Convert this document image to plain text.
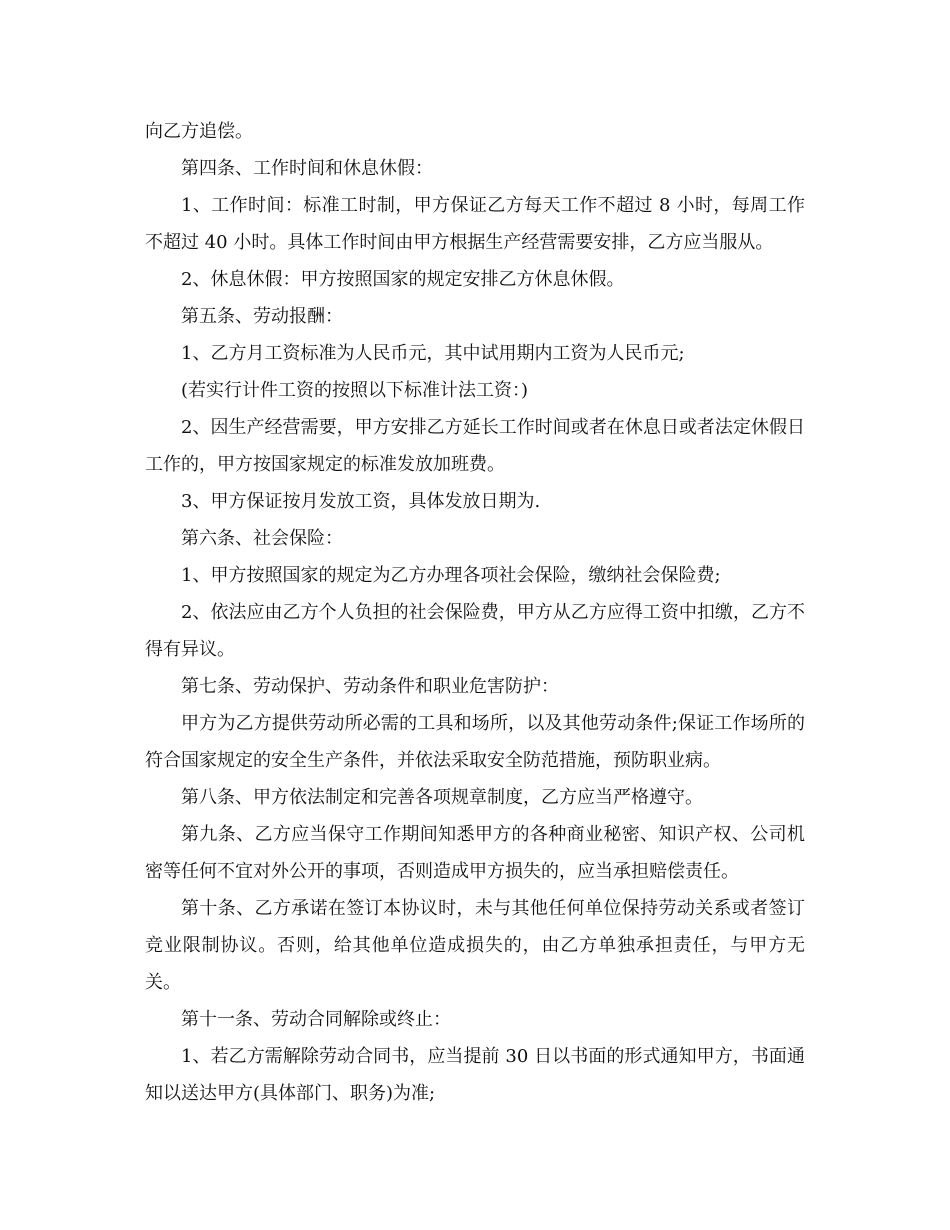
向乙方追偿。

第四条、工作时间和休息休假：

1、工作时间：标准工时制，甲方保证乙方每天工作不超过 8 小时，每周工作不超过 40 小时。具体工作时间由甲方根据生产经营需要安排，乙方应当服从。

2、休息休假：甲方按照国家的规定安排乙方休息休假。

第五条、劳动报酬：

1、乙方月工资标准为人民币元，其中试用期内工资为人民币元;

(若实行计件工资的按照以下标准计法工资：)

2、因生产经营需要，甲方安排乙方延长工作时间或者在休息日或者法定休假日工作的，甲方按国家规定的标准发放加班费。

3、甲方保证按月发放工资，具体发放日期为.

第六条、社会保险：

1、甲方按照国家的规定为乙方办理各项社会保险，缴纳社会保险费;

2、依法应由乙方个人负担的社会保险费，甲方从乙方应得工资中扣缴，乙方不得有异议。

第七条、劳动保护、劳动条件和职业危害防护：

甲方为乙方提供劳动所必需的工具和场所，以及其他劳动条件;保证工作场所的符合国家规定的安全生产条件，并依法采取安全防范措施，预防职业病。

第八条、甲方依法制定和完善各项规章制度，乙方应当严格遵守。

第九条、乙方应当保守工作期间知悉甲方的各种商业秘密、知识产权、公司机密等任何不宜对外公开的事项，否则造成甲方损失的，应当承担赔偿责任。

第十条、乙方承诺在签订本协议时，未与其他任何单位保持劳动关系或者签订竞业限制协议。否则，给其他单位造成损失的，由乙方单独承担责任，与甲方无关。

第十一条、劳动合同解除或终止：

1、若乙方需解除劳动合同书，应当提前 30 日以书面的形式通知甲方，书面通知以送达甲方(具体部门、职务)为准;
